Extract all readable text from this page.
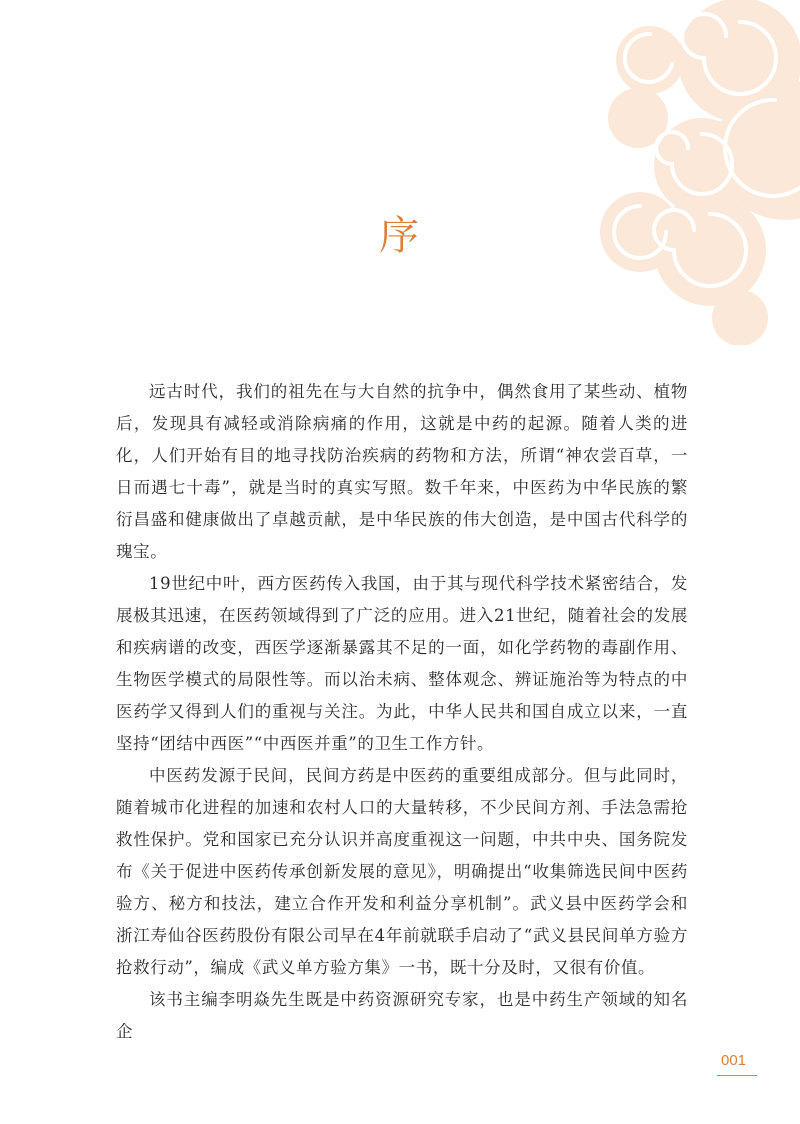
序

远古时代，我们的祖先在与大自然的抗争中，偶然食用了某些动、植物后，发现具有减轻或消除病痛的作用，这就是中药的起源。随着人类的进化，人们开始有目的地寻找防治疾病的药物和方法，所谓“神农尝百草，一日而遇七十毒”，就是当时的真实写照。数千年来，中医药为中华民族的繁衍昌盛和健康做出了卓越贡献，是中华民族的伟大创造，是中国古代科学的瑰宝。

19世纪中叶，西方医药传入我国，由于其与现代科学技术紧密结合，发展极其迅速，在医药领域得到了广泛的应用。进入21世纪，随着社会的发展和疾病谱的改变，西医学逐渐暴露其不足的一面，如化学药物的毒副作用、生物医学模式的局限性等。而以治未病、整体观念、辨证施治等为特点的中医药学又得到人们的重视与关注。为此，中华人民共和国自成立以来，一直坚持“团结中西医”“中西医并重”的卫生工作方针。

中医药发源于民间，民间方药是中医药的重要组成部分。但与此同时，随着城市化进程的加速和农村人口的大量转移，不少民间方剂、手法急需抢救性保护。党和国家已充分认识并高度重视这一问题，中共中央、国务院发布《关于促进中医药传承创新发展的意见》，明确提出“收集筛选民间中医药验方、秘方和技法，建立合作开发和利益分享机制”。武义县中医药学会和浙江寿仙谷医药股份有限公司早在4年前就联手启动了“武义县民间单方验方抢救行动”，编成《武义单方验方集》一书，既十分及时，又很有价值。

该书主编李明焱先生既是中药资源研究专家，也是中药生产领域的知名企

001
